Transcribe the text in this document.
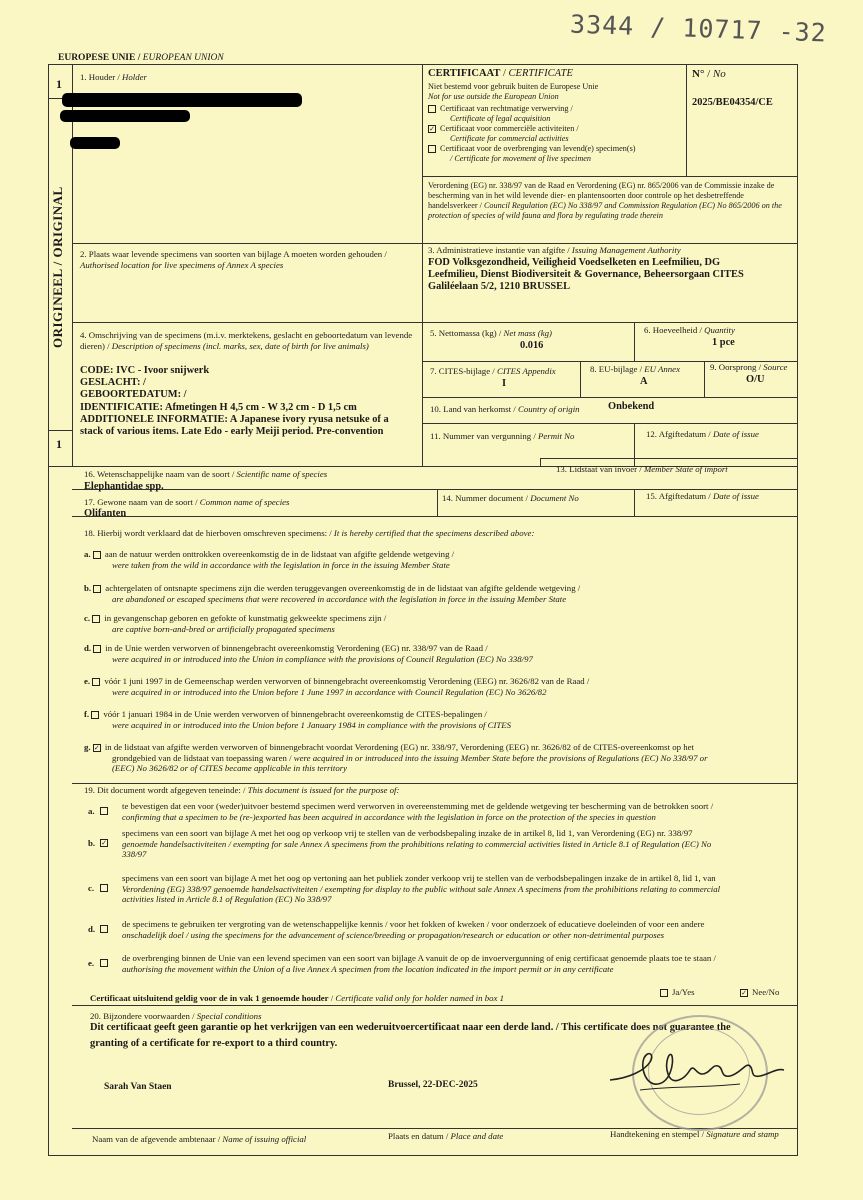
3344 / 10717 -32
EUROPESE UNIE / EUROPEAN UNION
1 1. Houder / Holder
ORIGINEEL / ORIGINAL
1
CERTIFICAAT / CERTIFICATE
Niet bestemd voor gebruik buiten de Europese Unie
Not for use outside the European Union
Certificaat van rechtmatige verwerving /
Certificate of legal acquisition
✓ Certificaat voor commerciële activiteiten /
Certificate for commercial activities
Certificaat voor de overbrenging van levend(e) specimen(s)
/ Certificate for movement of live specimen
N° / No
2025/BE04354/CE
Verordening (EG) nr. 338/97 van de Raad en Verordening (EG) nr. 865/2006 van de Commissie inzake de bescherming van in het wild levende dier- en plantensoorten door controle op het desbetreffende handelsverkeer / Council Regulation (EC) No 338/97 and Commission Regulation (EC) No 865/2006 on the protection of species of wild fauna and flora by regulating trade therein
2. Plaats waar levende specimens van soorten van bijlage A moeten worden gehouden / Authorised location for live specimens of Annex A species
3. Administratieve instantie van afgifte / Issuing Management Authority
FOD Volksgezondheid, Veiligheid Voedselketen en Leefmilieu, DG
Leefmilieu, Dienst Biodiversiteit & Governance, Beheersorgaan CITES
Galiléelaan 5/2, 1210 BRUSSEL
4. Omschrijving van de specimens (m.i.v. merktekens, geslacht en geboortedatum van levende dieren) / Description of specimens (incl. marks, sex, date of birth for live animals)
CODE: IVC - Ivoor snijwerk
GESLACHT: /
GEBOORTEDATUM: /
IDENTIFICATIE: Afmetingen H 4,5 cm - W 3,2 cm - D 1,5 cm
ADDITIONELE INFORMATIE: A Japanese ivory ryusa netsuke of a
stack of various items. Late Edo - early Meiji period. Pre-convention
5. Nettomassa (kg) / Net mass (kg)
0.016
6. Hoeveelheid / Quantity
1 pce
7. CITES-bijlage / CITES Appendix
I
8. EU-bijlage / EU Annex
A
9. Oorsprong / Source
O/U
10. Land van herkomst / Country of origin	Onbekend
11. Nummer van vergunning / Permit No	12. Afgiftedatum / Date of issue
13. Lidstaat van invoer / Member State of import
16. Wetenschappelijke naam van de soort / Scientific name of species
Elephantidae spp.
17. Gewone naam van de soort / Common name of species
Olifanten
14. Nummer document / Document No	15. Afgiftedatum / Date of issue
18. Hierbij wordt verklaard dat de hierboven omschreven specimens: / It is hereby certified that the specimens described above:
a. aan de natuur werden onttrokken overeenkomstig de in de lidstaat van afgifte geldende wetgeving /
were taken from the wild in accordance with the legislation in force in the issuing Member State
b. achtergelaten of ontsnapte specimens zijn die werden teruggevangen overeenkomstig de in de lidstaat van afgifte geldende wetgeving /
are abandoned or escaped specimens that were recovered in accordance with the legislation in force in the issuing Member State
c. in gevangenschap geboren en gefokte of kunstmatig gekweekte specimens zijn /
are captive born-and-bred or artificially propagated specimens
d. in de Unie werden verworven of binnengebracht overeenkomstig Verordening (EG) nr. 338/97 van de Raad /
were acquired in or introduced into the Union in compliance with the provisions of Council Regulation (EC) No 338/97
e. vóór 1 juni 1997 in de Gemeenschap werden verworven of binnengebracht overeenkomstig Verordening (EEG) nr. 3626/82 van de Raad /
were acquired in or introduced into the Union before 1 June 1997 in accordance with Council Regulation (EC) No 3626/82
f. vóór 1 januari 1984 in de Unie werden verworven of binnengebracht overeenkomstig de CITES-bepalingen /
were acquired in or introduced into the Union before 1 January 1984 in compliance with the provisions of CITES
g. ✓ in de lidstaat van afgifte werden verworven of binnengebracht voordat Verordening (EG) nr. 338/97, Verordening (EEG) nr. 3626/82 of de CITES-overeenkomst op het
grondgebied van de lidstaat van toepassing waren / were acquired in or introduced into the issuing Member State before the provisions of Regulations (EC) No 338/97 or
(EEC) No 3626/82 or of CITES became applicable in this territory
19. Dit document wordt afgegeven teneinde: / This document is issued for the purpose of:
a.	te bevestigen dat een voor (weder)uitvoer bestemd specimen werd verworven in overeenstemming met de geldende wetgeving ter bescherming van de betrokken soort /
confirming that a specimen to be (re-)exported has been acquired in accordance with the legislation in force on the protection of the species in question
b. ✓
specimens van een soort van bijlage A met het oog op verkoop vrij te stellen van de verbodsbepaling inzake de in artikel 8, lid 1, van Verordening (EG) nr. 338/97
genoemde handelsactiviteiten / exempting for sale Annex A specimens from the prohibitions relating to commercial activities listed in Article 8.1 of Regulation (EC) No
338/97
c.
specimens van een soort van bijlage A met het oog op vertoning aan het publiek zonder verkoop vrij te stellen van de verbodsbepalingen inzake de in artikel 8, lid 1, van
Verordening (EG) 338/97 genoemde handelsactiviteiten / exempting for display to the public without sale Annex A specimens from the prohibitions relating to commercial
activities listed in Article 8.1 of Regulation (EC) No 338/97
d.	de specimens te gebruiken ter vergroting van de wetenschappelijke kennis / voor het fokken of kweken / voor onderzoek of educatieve doeleinden of voor een andere
onschadelijk doel / using the specimens for the advancement of science/breeding or propagation/research or education or other non-detrimental purposes
e.	de overbrenging binnen de Unie van een levend specimen van een soort van bijlage A vanuit de op de invoervergunning of enig certificaat genoemde plaats toe te staan /
authorising the movement within the Union of a live Annex A specimen from the location indicated in the import permit or in any certificate
Certificaat uitsluitend geldig voor de in vak 1 genoemde houder / Certificate valid only for holder named in box 1
Ja/Yes	✓ Nee/No
20. Bijzondere voorwaarden / Special conditions
Dit certificaat geeft geen garantie op het verkrijgen van een wederuitvoercertificaat naar een derde land. / This certificate does not guarantee the
granting of a certificate for re-export to a third country.
Sarah Van Staen	Brussel, 22-DEC-2025
Naam van de afgevende ambtenaar / Name of issuing official	Plaats en datum / Place and date	Handtekening en stempel / Signature and stamp
